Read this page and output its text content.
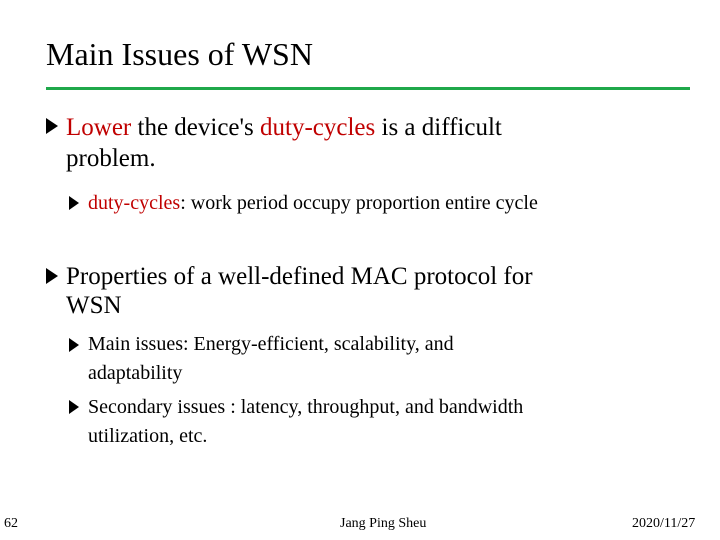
Main Issues of WSN
Lower the device's duty-cycles is a difficult
problem.
duty-cycles: work period occupy proportion entire cycle
Properties of a well-defined MAC protocol for
WSN
Main issues: Energy-efficient, scalability, and
adaptability
Secondary issues : latency, throughput, and bandwidth
utilization, etc.
62	Jang Ping Sheu	2020/11/27
